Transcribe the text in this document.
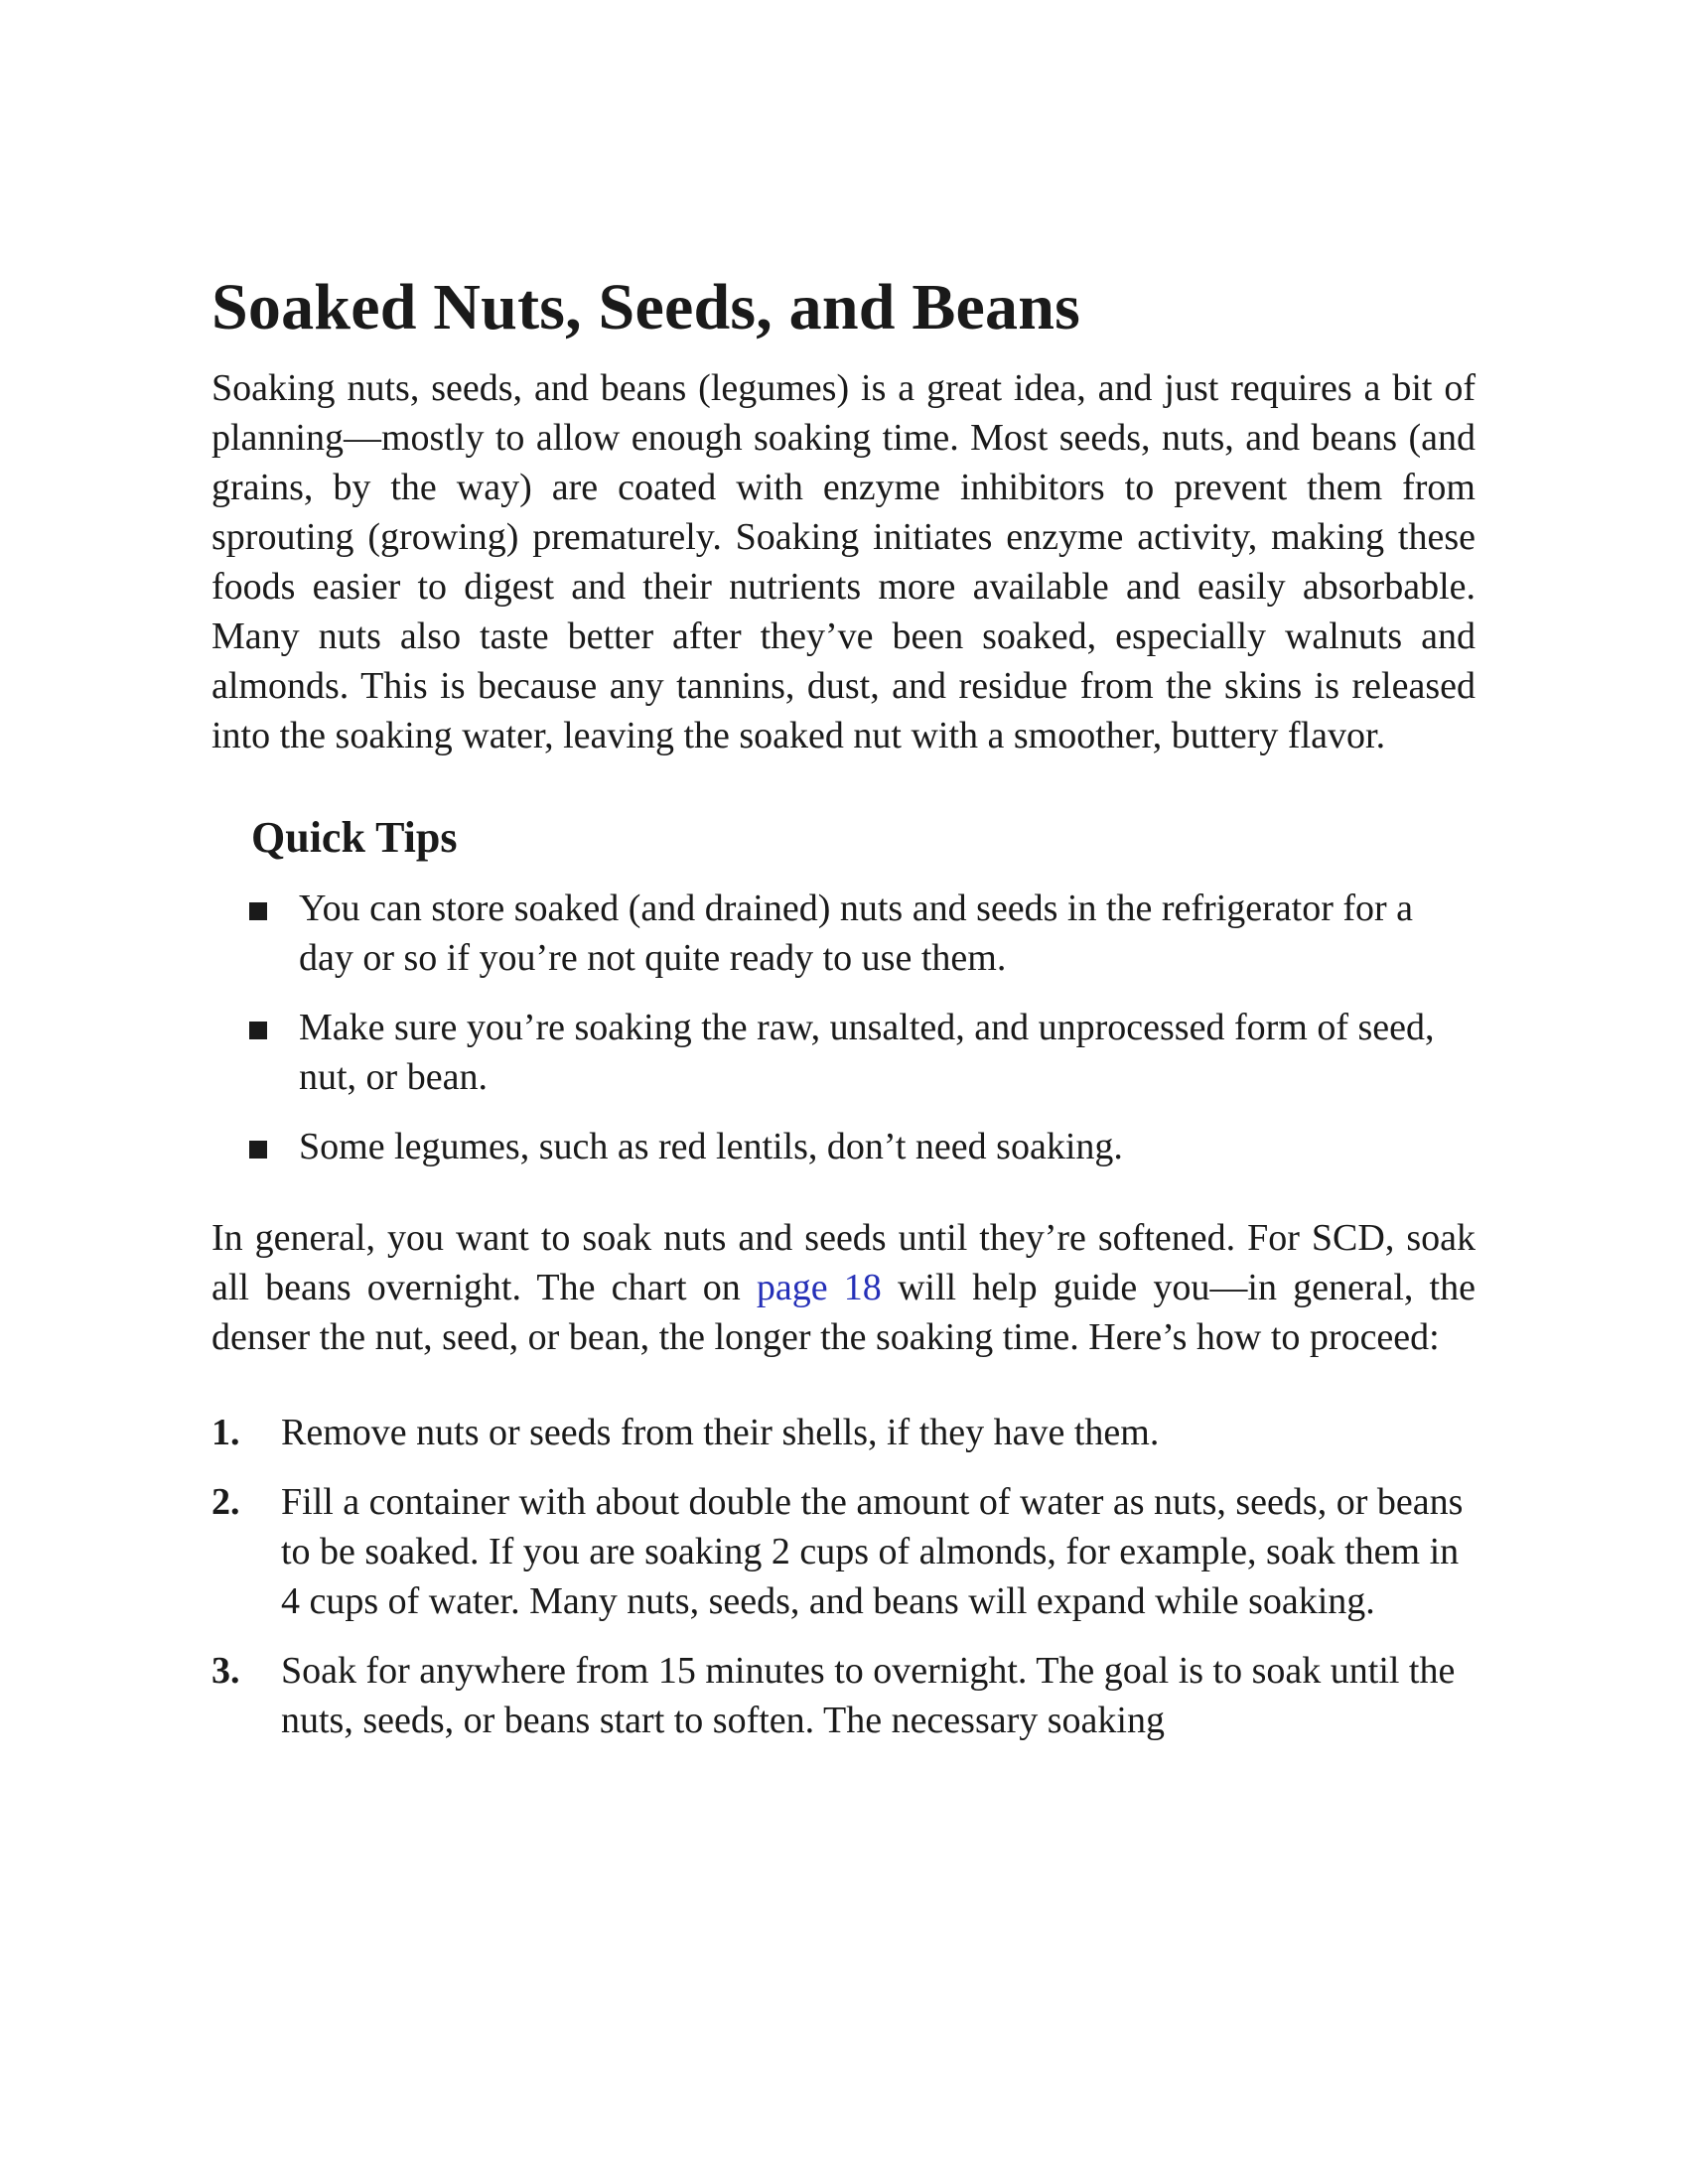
Soaked Nuts, Seeds, and Beans

Soaking nuts, seeds, and beans (legumes) is a great idea, and just requires a bit of planning—mostly to allow enough soaking time. Most seeds, nuts, and beans (and grains, by the way) are coated with enzyme inhibitors to prevent them from sprouting (growing) prematurely. Soaking initiates enzyme activity, making these foods easier to digest and their nutrients more available and easily absorbable. Many nuts also taste better after they’ve been soaked, especially walnuts and almonds. This is because any tannins, dust, and residue from the skins is released into the soaking water, leaving the soaked nut with a smoother, buttery flavor.

Quick Tips
You can store soaked (and drained) nuts and seeds in the refrigerator for a day or so if you’re not quite ready to use them.
Make sure you’re soaking the raw, unsalted, and unprocessed form of seed, nut, or bean.
Some legumes, such as red lentils, don’t need soaking.

In general, you want to soak nuts and seeds until they’re softened. For SCD, soak all beans overnight. The chart on page 18 will help guide you—in general, the denser the nut, seed, or bean, the longer the soaking time. Here’s how to proceed:

1. Remove nuts or seeds from their shells, if they have them.
2. Fill a container with about double the amount of water as nuts, seeds, or beans to be soaked. If you are soaking 2 cups of almonds, for example, soak them in 4 cups of water. Many nuts, seeds, and beans will expand while soaking.
3. Soak for anywhere from 15 minutes to overnight. The goal is to soak until the nuts, seeds, or beans start to soften. The necessary soaking
